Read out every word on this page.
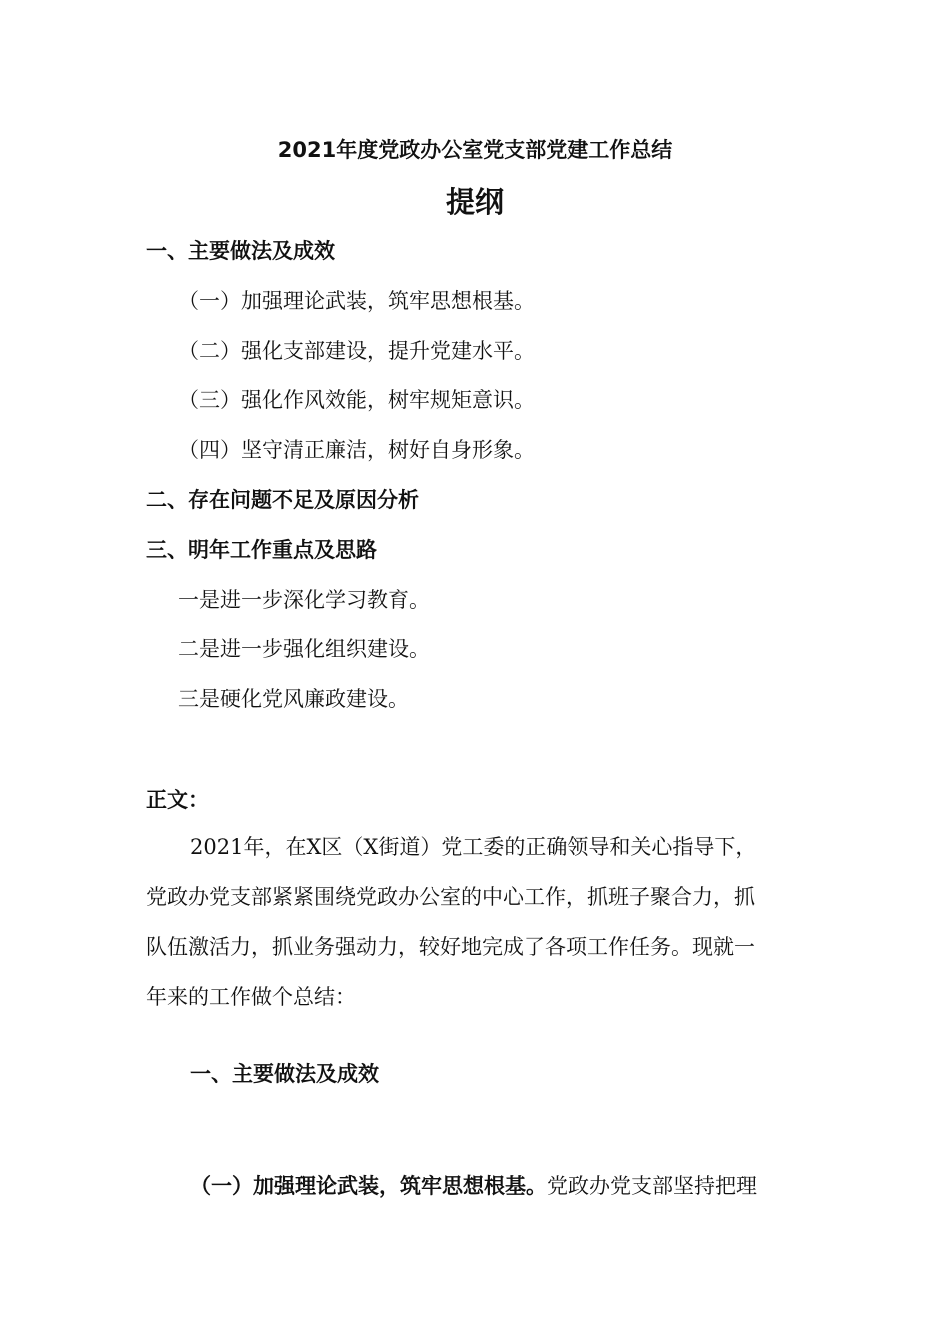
2021年度党政办公室党支部党建工作总结
提纲
一、主要做法及成效
（一）加强理论武装，筑牢思想根基。
（二）强化支部建设，提升党建水平。
（三）强化作风效能，树牢规矩意识。
（四）坚守清正廉洁，树好自身形象。
二、存在问题不足及原因分析
三、明年工作重点及思路
一是进一步深化学习教育。
二是进一步强化组织建设。
三是硬化党风廉政建设。
正文：
2021年，在X区（X街道）党工委的正确领导和关心指导下，
党政办党支部紧紧围绕党政办公室的中心工作，抓班子聚合力，抓
队伍激活力，抓业务强动力，较好地完成了各项工作任务。现就一
年来的工作做个总结：
一、主要做法及成效
（一）加强理论武装，筑牢思想根基。党政办党支部坚持把理
